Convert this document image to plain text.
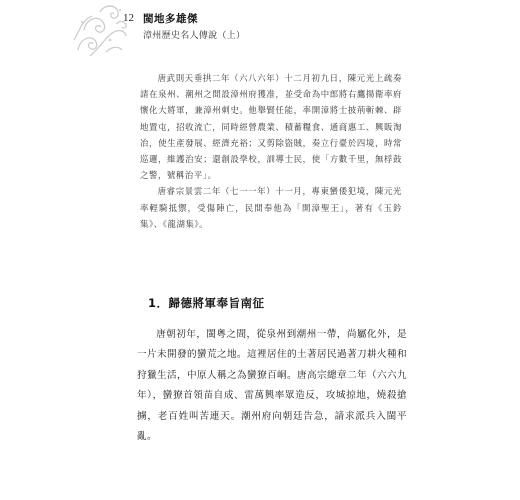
12 閩地多雄傑
漳州歷史名人傳說（上）

唐武則天垂拱二年（六八六年）十二月初九日，陳元光上疏奏請在泉州、潮州之間設漳州府獲准，並受命為中郎將右鷹揚衛率府懷化大將軍，兼漳州刺史。他舉賢任能，率開漳將士披荊斬棘、辟地置屯，招收流亡，同時經營農業、積蓄糧食、通商惠工、興販淘冶，使生產發展、經濟充裕；又剪除盜賊，奏立行臺於四境，時常巡邏，維護治安；還創設學校，訓導士民，使「方數千里，無桴鼓之警，號稱治平」。

唐睿宗景雲二年（七一一年）十一月，專東蠻倭犯境，陳元光率輕騎抵禦，受傷陣亡，民間奉他為「開漳聖王」，著有《玉鈐集》、《龍湖集》。

1．歸德將軍奉旨南征

唐朝初年，閩粵之間，從泉州到潮州一帶，尚屬化外，是一片未開發的蠻荒之地。這裡居住的土著居民過著刀耕火種和狩獵生活，中原人稱之為蠻獠百峒。唐高宗總章二年（六六九年），蠻獠首領苗自成、雷萬興率眾造反，攻城掠地，燒殺搶擄，老百姓叫苦連天。潮州府向朝廷告急，請求派兵入閩平亂。
